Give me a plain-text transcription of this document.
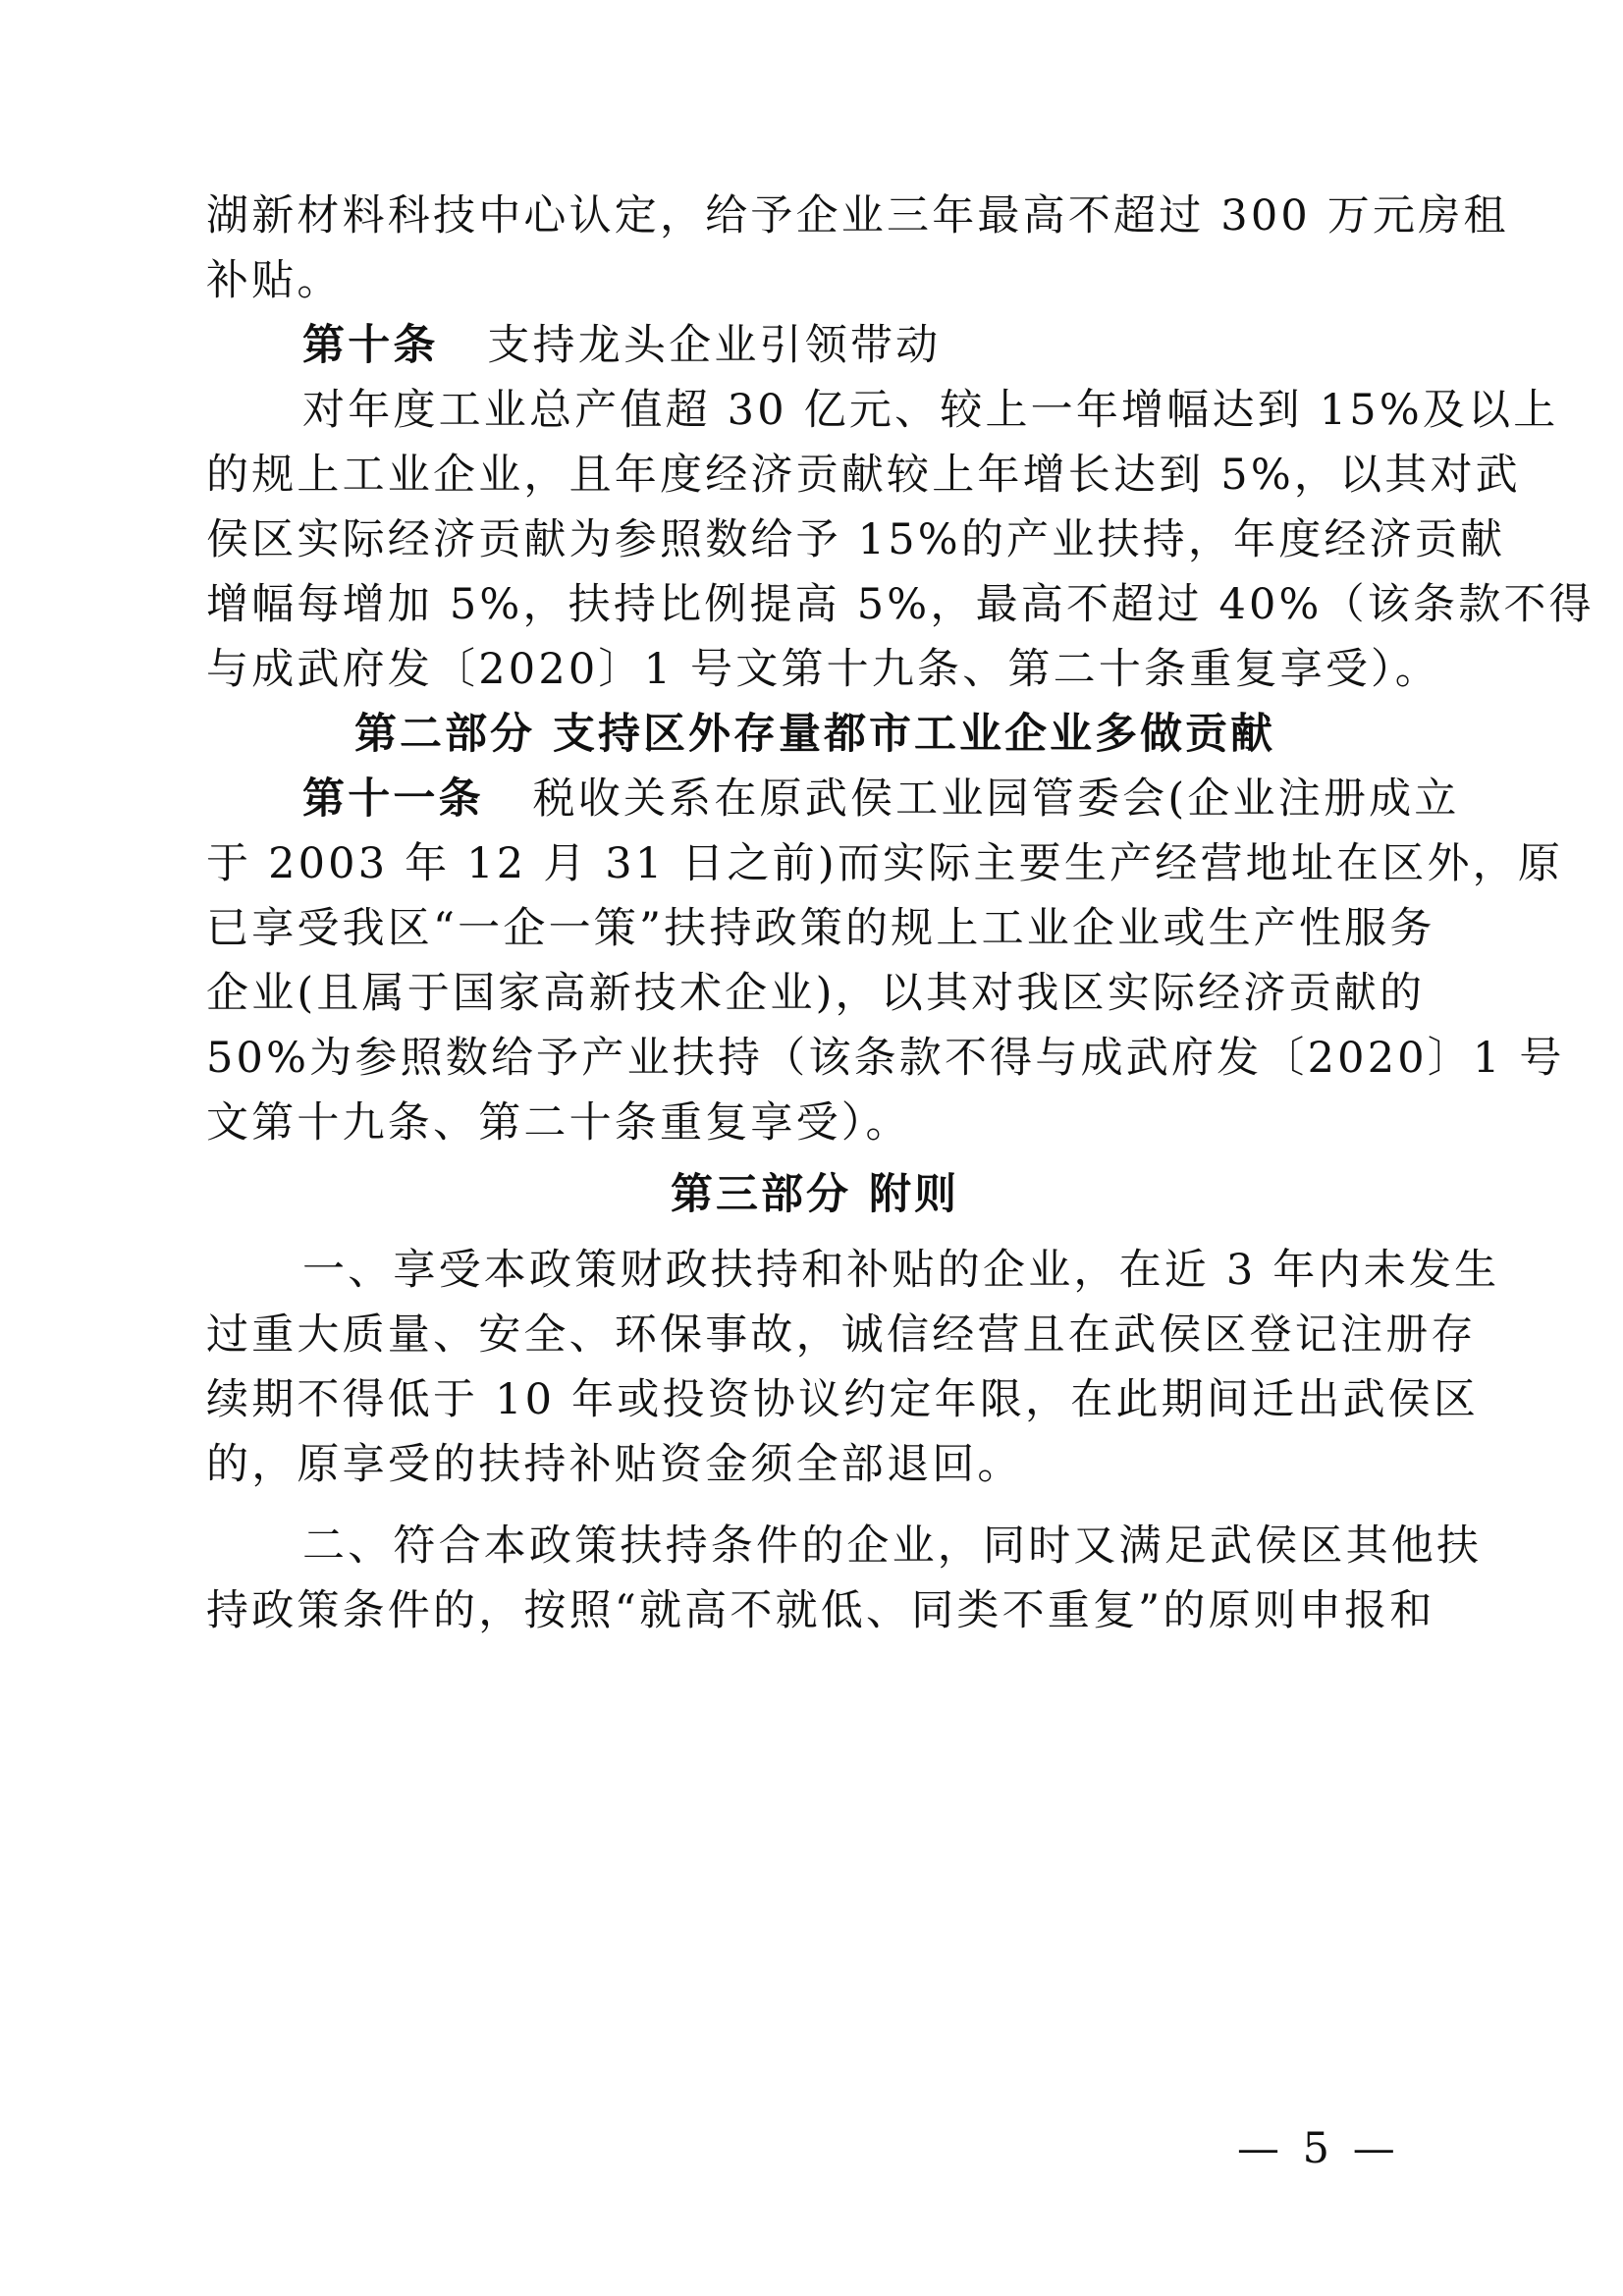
湖新材料科技中心认定，给予企业三年最高不超过 300 万元房租
补贴。
第十条 支持龙头企业引领带动
对年度工业总产值超 30 亿元、较上一年增幅达到 15%及以上
的规上工业企业，且年度经济贡献较上年增长达到 5%，以其对武
侯区实际经济贡献为参照数给予 15%的产业扶持，年度经济贡献
增幅每增加 5%，扶持比例提高 5%，最高不超过 40%（该条款不得
与成武府发〔2020〕1 号文第十九条、第二十条重复享受）。
第二部分 支持区外存量都市工业企业多做贡献
第十一条 税收关系在原武侯工业园管委会(企业注册成立
于 2003 年 12 月 31 日之前)而实际主要生产经营地址在区外，原
已享受我区“一企一策”扶持政策的规上工业企业或生产性服务
企业(且属于国家高新技术企业)，以其对我区实际经济贡献的
50%为参照数给予产业扶持（该条款不得与成武府发〔2020〕1 号
文第十九条、第二十条重复享受）。
第三部分 附则
一、享受本政策财政扶持和补贴的企业，在近 3 年内未发生
过重大质量、安全、环保事故，诚信经营且在武侯区登记注册存
续期不得低于 10 年或投资协议约定年限，在此期间迁出武侯区
的，原享受的扶持补贴资金须全部退回。
二、符合本政策扶持条件的企业，同时又满足武侯区其他扶
持政策条件的，按照“就高不就低、同类不重复”的原则申报和
— 5 —
